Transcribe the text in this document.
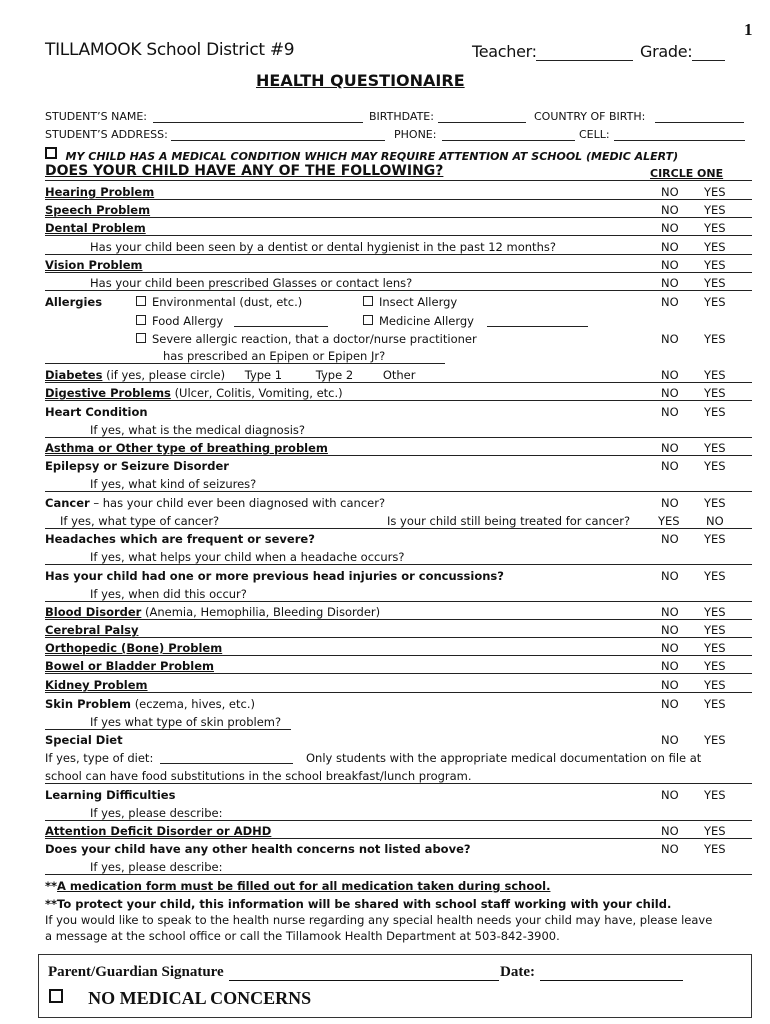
1
TILLAMOOK School District #9	Teacher:	Grade:
HEALTH QUESTIONAIRE
STUDENT’S NAME:	BIRTHDATE:	COUNTRY OF BIRTH:
STUDENT’S ADDRESS:	PHONE:	CELL:
MY CHILD HAS A MEDICAL CONDITION WHICH MAY REQUIRE ATTENTION AT SCHOOL (MEDIC ALERT)
DOES YOUR CHILD HAVE ANY OF THE FOLLOWING?	CIRCLE ONE
Hearing Problem	NO YES
Speech Problem	NO YES
Dental Problem	NO YES
Has your child been seen by a dentist or dental hygienist in the past 12 months?	NO YES
Vision Problem	NO YES
Has your child been prescribed Glasses or contact lens?	NO YES
Allergies	Environmental (dust, etc.)	Insect Allergy	NO YES
Food Allergy	Medicine Allergy
Severe allergic reaction, that a doctor/nurse practitioner	NO YES
has prescribed an Epipen or Epipen Jr?
Diabetes (if yes, please circle) Type 1	Type 2	Other	NO YES
Digestive Problems (Ulcer, Colitis, Vomiting, etc.)	NO YES
Heart Condition	NO YES
If yes, what is the medical diagnosis?
Asthma or Other type of breathing problem	NO YES
Epilepsy or Seizure Disorder	NO YES
If yes, what kind of seizures?
Cancer – has your child ever been diagnosed with cancer?	NO YES
If yes, what type of cancer?	Is your child still being treated for cancer? YES NO
Headaches which are frequent or severe?	NO YES
If yes, what helps your child when a headache occurs?
Has your child had one or more previous head injuries or concussions?	NO YES
If yes, when did this occur?
Blood Disorder (Anemia, Hemophilia, Bleeding Disorder)	NO YES
Cerebral Palsy	NO YES
Orthopedic (Bone) Problem	NO YES
Bowel or Bladder Problem	NO YES
Kidney Problem	NO YES
Skin Problem (eczema, hives, etc.)	NO YES
If yes what type of skin problem?
Special Diet	NO YES
If yes, type of diet:	Only students with the appropriate medical documentation on file at
school can have food substitutions in the school breakfast/lunch program.
Learning Difficulties	NO YES
If yes, please describe:
Attention Deficit Disorder or ADHD	NO YES
Does your child have any other health concerns not listed above?	NO YES
If yes, please describe:
**A medication form must be filled out for all medication taken during school.
**To protect your child, this information will be shared with school staff working with your child.
If you would like to speak to the health nurse regarding any special health needs your child may have, please leave
a message at the school office or call the Tillamook Health Department at 503-842-3900.
Parent/Guardian Signature	Date:
NO MEDICAL CONCERNS
